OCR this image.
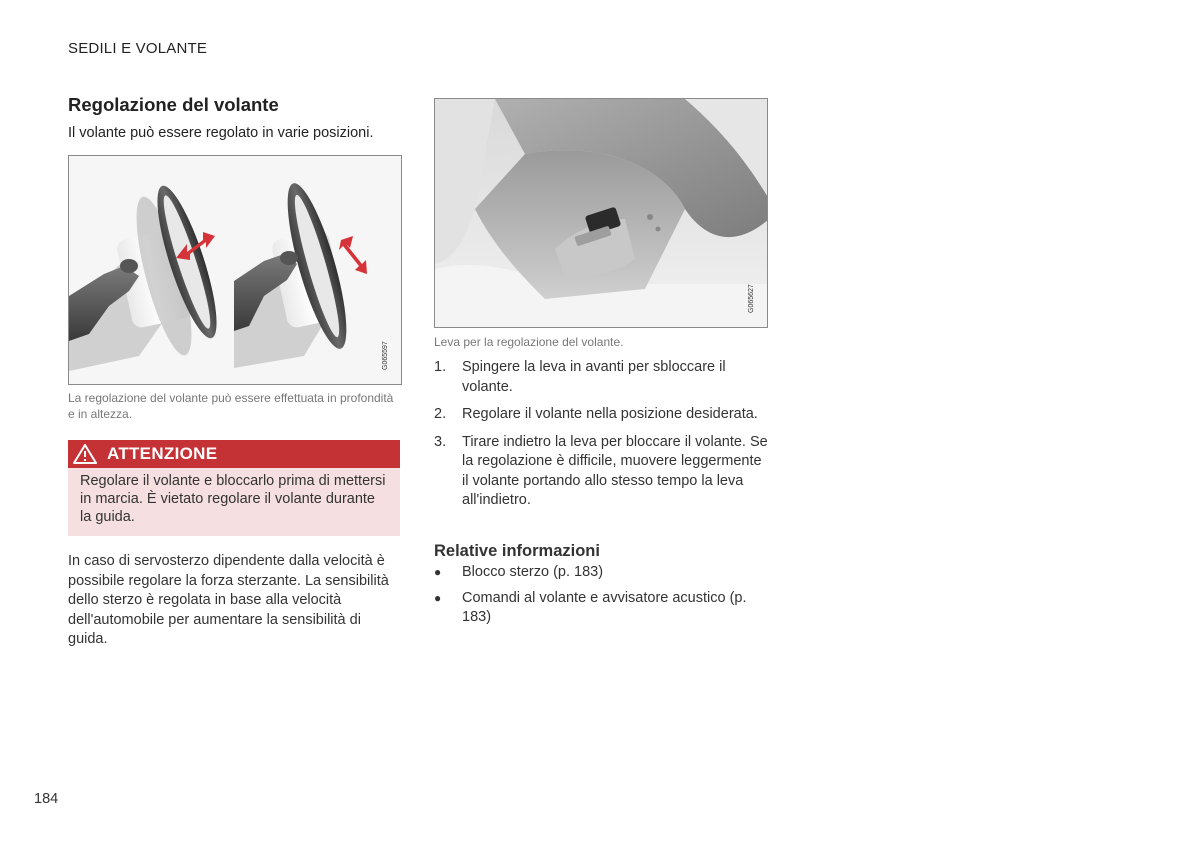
SEDILI E VOLANTE
Regolazione del volante

Il volante può essere regolato in varie posizioni.

G065597

La regolazione del volante può essere effettuata in profondità e in altezza.

ATTENZIONE
Regolare il volante e bloccarlo prima di mettersi in marcia. È vietato regolare il volante durante la guida.

In caso di servosterzo dipendente dalla velocità è possibile regolare la forza sterzante. La sensibilità dello sterzo è regolata in base alla velocità dell'automobile per aumentare la sensibilità di guida.

G065627

Leva per la regolazione del volante.

1.	Spingere la leva in avanti per sbloccare il volante.
2.	Regolare il volante nella posizione desiderata.
3.	Tirare indietro la leva per bloccare il volante. Se la regolazione è difficile, muovere leggermente il volante portando allo stesso tempo la leva all'indietro.
Relative informazioni
●	Blocco sterzo (p. 183)
●	Comandi al volante e avvisatore acustico (p. 183)
184
